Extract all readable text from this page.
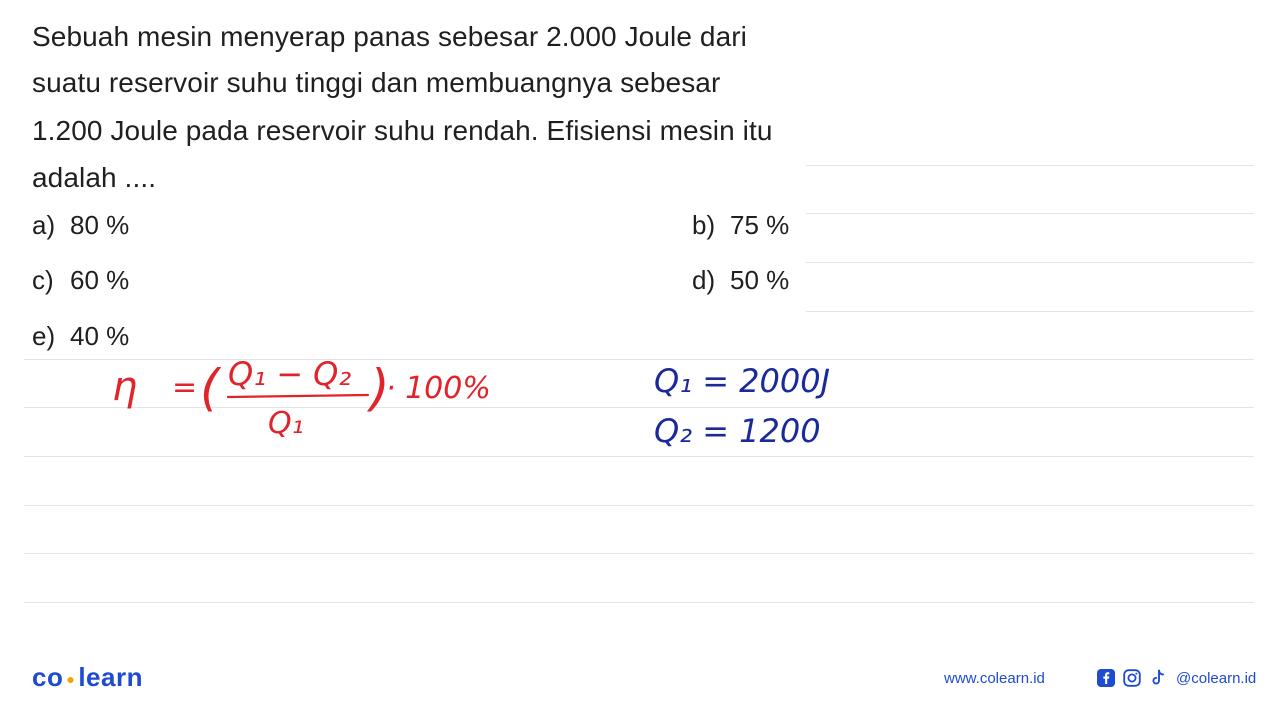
Sebuah mesin menyerap panas sebesar 2.000 Joule dari
suatu reservoir suhu tinggi dan membuangnya sebesar
1.200 Joule pada reservoir suhu rendah. Efisiensi mesin itu
adalah ....
a) 80 %	b) 75 %
c) 60 %	d) 50 %
e) 40 %
η = ( Q₁ − Q₂
Q₁
)
· 100%	Q₁ = 2000J
Q₂ = 1200
co ● learn	www.colearn.id	@colearn.id
